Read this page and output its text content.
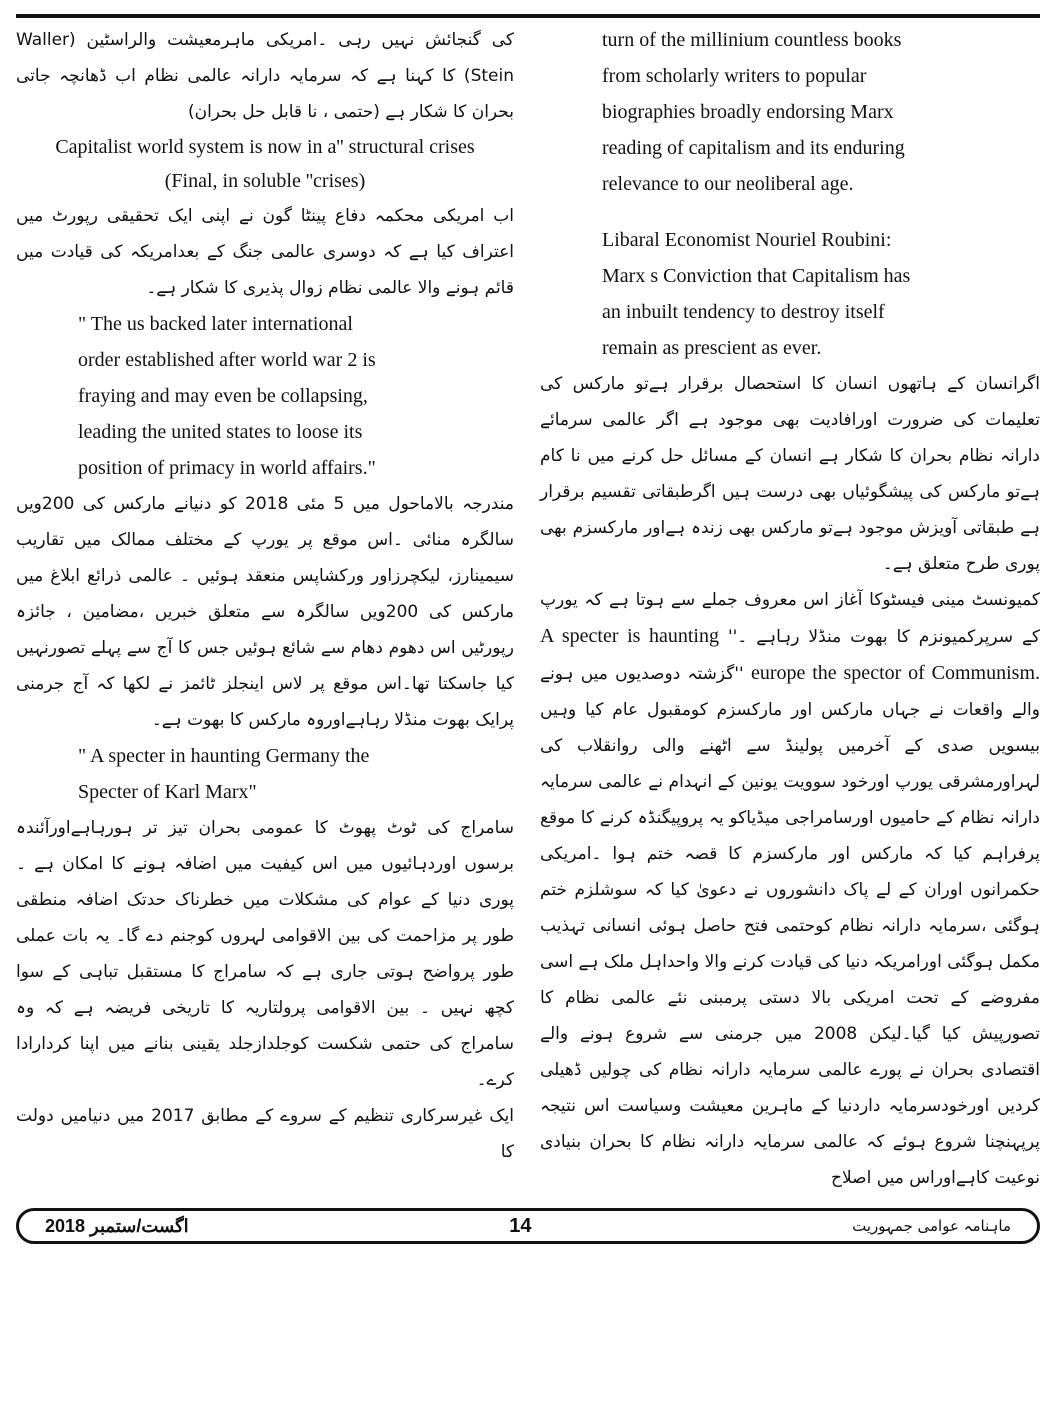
کی گنجائش نہیں رہی ۔امریکی ماہرمعیشت والراسٹین (Waller Stein) کا کہنا ہے کہ سرمایہ دارانہ عالمی نظام اب ڈھانچہ جاتی بحران کا شکار ہے (حتمی ، نا قابل حل بحران)

Capitalist world system is now in a'' structural crises (Final, in soluble ''crises)

اب امریکی محکمہ دفاع پینٹا گون نے اپنی ایک تحقیقی رپورٹ میں اعتراف کیا ہے کہ دوسری عالمی جنگ کے بعدامریکہ کی قیادت میں قائم ہونے والا عالمی نظام زوال پذیری کا شکار ہے۔

" The us backed later international

order established after world war 2 is

fraying and may even be collapsing,

leading the united states to loose its

position of primacy in world affairs."

مندرجہ بالاماحول میں 5 مئی 2018 کو دنیانے مارکس کی 200ویں سالگرہ منائی ۔اس موقع پر یورپ کے مختلف ممالک میں تقاریب سیمینارز، لیکچرزاور ورکشاپس منعقد ہوئیں ۔ عالمی ذرائع ابلاغ میں مارکس کی 200ویں سالگرہ سے متعلق خبریں ،مضامین ، جائزہ رپورٹیں اس دھوم دھام سے شائع ہوئیں جس کا آج سے پہلے تصورنہیں کیا جاسکتا تھا۔اس موقع پر لاس اینجلز ٹائمز نے لکھا کہ آج جرمنی پرایک بھوت منڈلا رہاہےاوروہ مارکس کا بھوت ہے۔

" A specter in haunting Germany the

Specter of Karl Marx"

سامراج کی ٹوٹ پھوٹ کا عمومی بحران تیز تر ہورہاہےاورآئندہ برسوں اوردہائیوں میں اس کیفیت میں اضافہ ہونے کا امکان ہے ۔ پوری دنیا کے عوام کی مشکلات میں خطرناک حدتک اضافہ منطقی طور پر مزاحمت کی بین الاقوامی لہروں کوجنم دے گا۔ یہ بات عملی طور پرواضح ہوتی جاری ہے کہ سامراج کا مستقبل تباہی کے سوا کچھ نہیں ۔ بین الاقوامی پرولتاریہ کا تاریخی فریضہ ہے کہ وہ سامراج کی حتمی شکست کوجلدازجلد یقینی بنانے میں اپنا کردارادا کرے۔

ایک غیرسرکاری تنظیم کے سروے کے مطابق 2017 میں دنیامیں دولت کا

turn of the millinium countless books

from scholarly writers to popular

biographies broadly endorsing Marx

reading of capitalism and its enduring

relevance to our neoliberal age.

Libaral Economist Nouriel Roubini:

Marx s Conviction that Capitalism has

an inbuilt tendency to destroy itself

remain as prescient as ever.

اگرانسان کے ہاتھوں انسان کا استحصال برقرار ہےتو مارکس کی تعلیمات کی ضرورت اورافادیت بھی موجود ہے اگر عالمی سرمائے دارانہ نظام بحران کا شکار ہے انسان کے مسائل حل کرنے میں نا کام ہےتو مارکس کی پیشگوئیاں بھی درست ہیں اگرطبقاتی تقسیم برقرار ہے طبقاتی آویزش موجود ہےتو مارکس بھی زندہ ہےاور مارکسزم بھی پوری طرح متعلق ہے۔

کمیونسٹ مینی فیسٹوکا آغاز اس معروف جملے سے ہوتا ہے کہ یورپ کے سرپرکمیونزم کا بھوت منڈلا رہاہے ۔'' A specter is haunting europe the spector of Communism. ''گزشتہ دوصدیوں میں ہونے والے واقعات نے جہاں مارکس اور مارکسزم کومقبول عام کیا وہیں بیسویں صدی کے آخرمیں پولینڈ سے اٹھنے والی روانقلاب کی لہراورمشرقی یورپ اورخود سوویت یونین کے انہدام نے عالمی سرمایہ دارانہ نظام کے حامیوں اورسامراجی میڈیاکو یہ پروپیگنڈہ کرنے کا موقع پرفراہم کیا کہ مارکس اور مارکسزم کا قصہ ختم ہوا ۔امریکی حکمرانوں اوران کے لے پاک دانشوروں نے دعویٰ کیا کہ سوشلزم ختم ہوگئی ،سرمایہ دارانہ نظام کوحتمی فتح حاصل ہوئی انسانی تہذیب مکمل ہوگئی اورامریکہ دنیا کی قیادت کرنے والا واحداہل ملک ہے اسی مفروضے کے تحت امریکی بالا دستی پرمبنی نئے عالمی نظام کا تصورپیش کیا گیا۔لیکن 2008 میں جرمنی سے شروع ہونے والے اقتصادی بحران نے پورے عالمی سرمایہ دارانہ نظام کی چولیں ڈھیلی کردیں اورخودسرمایہ داردنیا کے ماہرین معیشت وسیاست اس نتیجہ پرپہنچنا شروع ہوئے کہ عالمی سرمایہ دارانہ نظام کا بحران بنیادی نوعیت کاہےاوراس میں اصلاح

اگست/ستمبر 2018	14	ماہنامہ عوامی جمہوریت
